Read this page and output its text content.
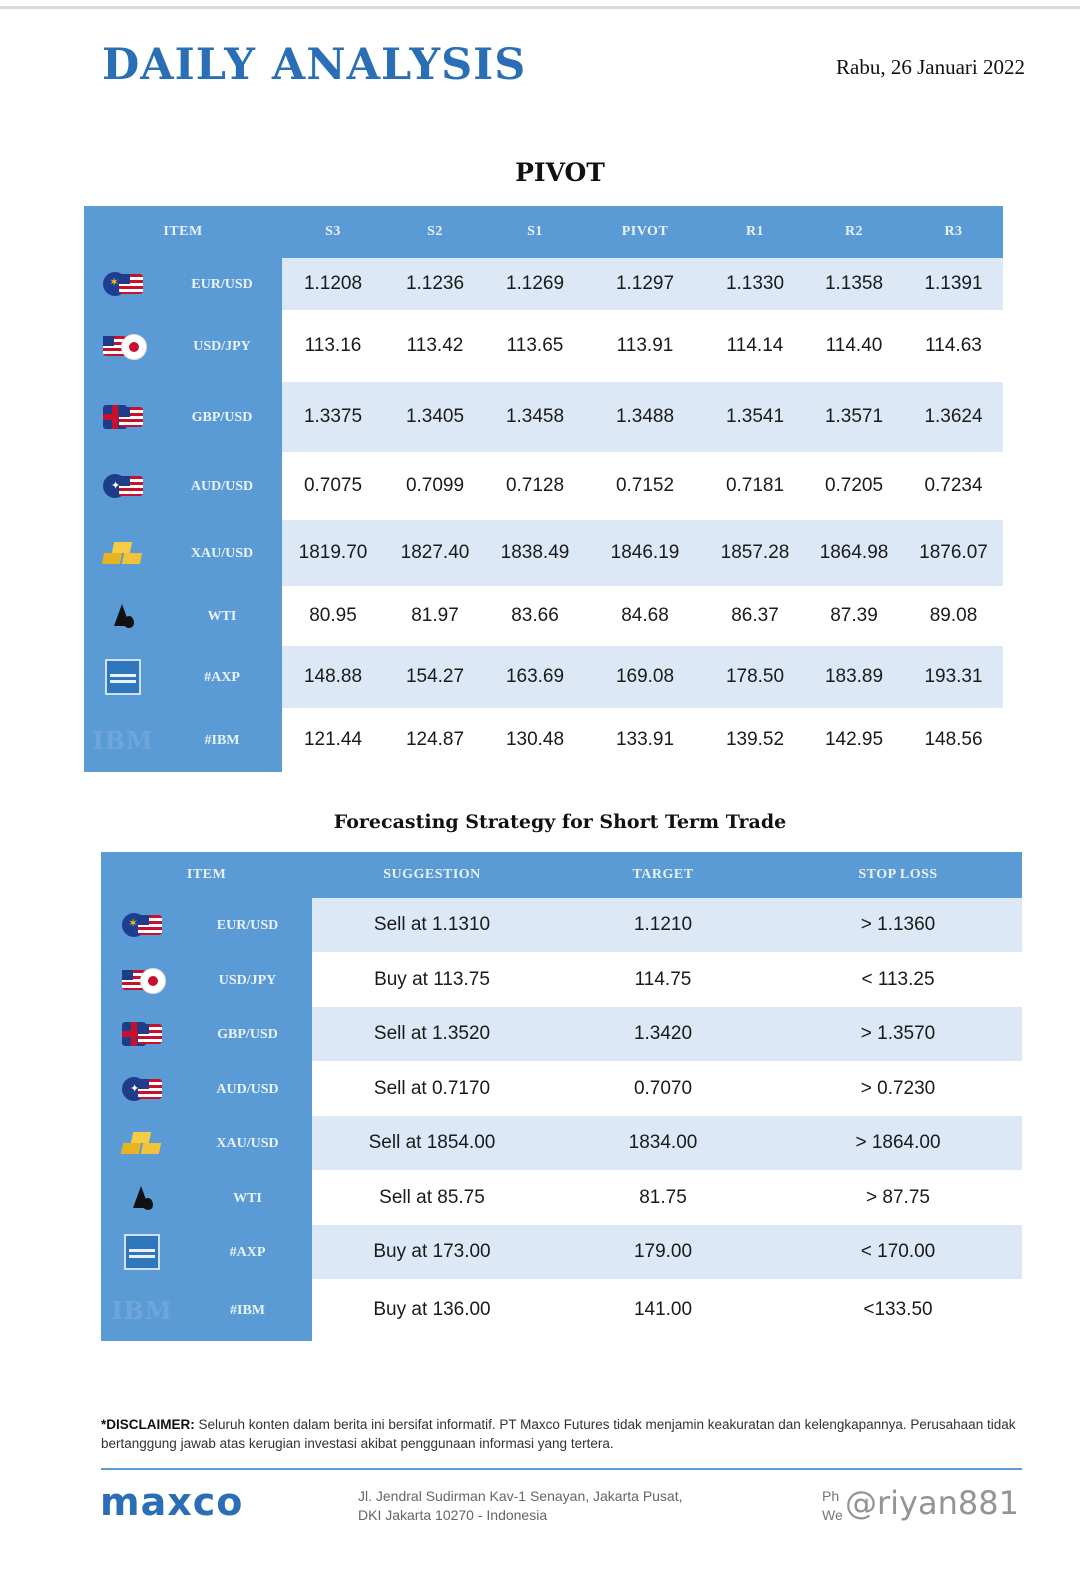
DAILY ANALYSIS	Rabu, 26 Januari 2022
PIVOT
ITEM		S3	S2	S1	PIVOT	R1	R2	R3

✶
	EUR/USD	1.1208	1.1236	1.1269	1.1297	1.1330	1.1358	1.1391

	USD/JPY	113.16	113.42	113.65	113.91	114.14	114.40	114.63

	GBP/USD	1.3375	1.3405	1.3458	1.3488	1.3541	1.3571	1.3624

✦
	AUD/USD	0.7075	0.7099	0.7128	0.7152	0.7181	0.7205	0.7234

	XAU/USD	1819.70	1827.40	1838.49	1846.19	1857.28	1864.98	1876.07

	WTI	80.95	81.97	83.66	84.68	86.37	87.39	89.08
	#AXP	148.88	154.27	163.69	169.08	178.50	183.89	193.31
IBM	#IBM	121.44	124.87	130.48	133.91	139.52	142.95	148.56
Forecasting Strategy for Short Term Trade
ITEM		SUGGESTION	TARGET	STOP LOSS

✶
	EUR/USD	Sell at 1.1310	1.1210	> 1.1360

	USD/JPY	Buy at 113.75	114.75	< 113.25

	GBP/USD	Sell at 1.3520	1.3420	> 1.3570

✦
	AUD/USD	Sell at 0.7170	0.7070	> 0.7230

	XAU/USD	Sell at 1854.00	1834.00	> 1864.00

	WTI	Sell at 85.75	81.75	> 87.75
	#AXP	Buy at 173.00	179.00	< 170.00
IBM	#IBM	Buy at 136.00	141.00	<133.50
*DISCLAIMER: Seluruh konten dalam berita ini bersifat informatif. PT Maxco Futures tidak menjamin keakuratan dan kelengkapannya. Perusahaan tidak bertanggung jawab atas kerugian investasi akibat penggunaan informasi yang tertera.
maxco	Jl. Jendral Sudirman Kav-1 Senayan, Jakarta Pusat,
DKI Jakarta 10270 - Indonesia
Ph
We @riyan881
